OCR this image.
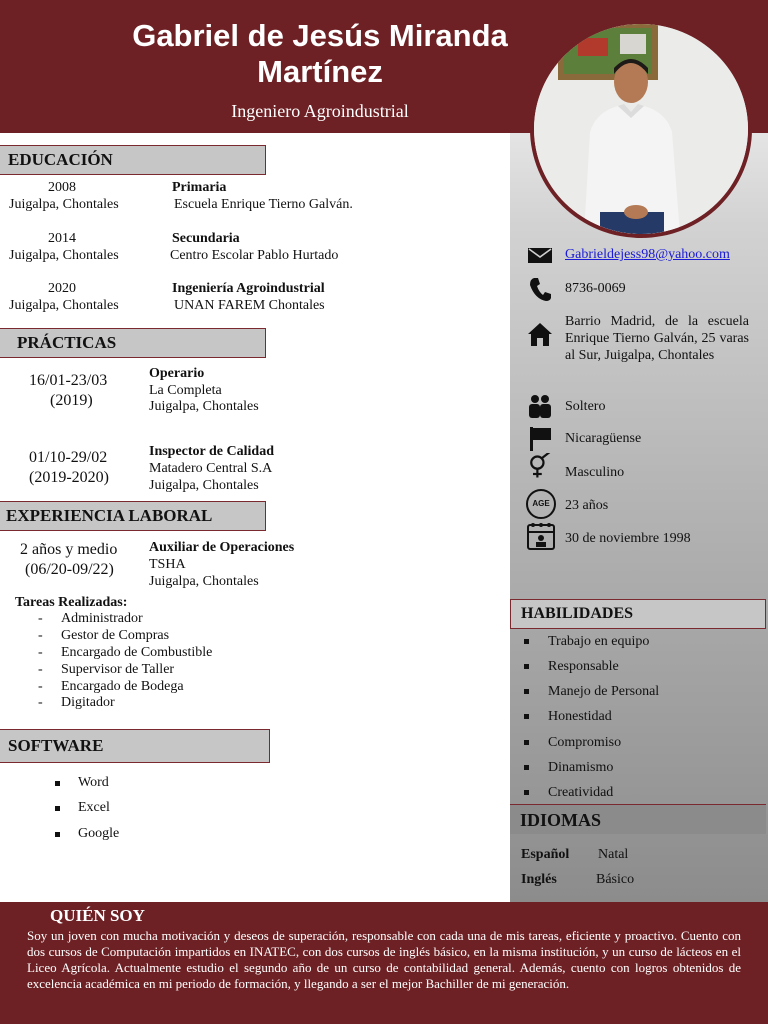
Gabriel de Jesús Miranda
Martínez
Ingeniero Agroindustrial
EDUCACIÓN
2008
Juigalpa, Chontales
Primaria
Escuela Enrique Tierno Galván.
2014
Juigalpa, Chontales
Secundaria
Centro Escolar Pablo Hurtado
2020
Juigalpa, Chontales
Ingeniería Agroindustrial
UNAN FAREM Chontales
PRÁCTICAS
16/01-23/03
(2019)
Operario
La Completa
Juigalpa, Chontales
01/10-29/02
(2019-2020)
Inspector de Calidad
Matadero Central S.A
Juigalpa, Chontales
EXPERIENCIA LABORAL
2 años y medio
(06/20-09/22)
Auxiliar de Operaciones
TSHA
Juigalpa, Chontales
Tareas Realizadas:
- Administrador
- Gestor de Compras
- Encargado de Combustible
- Supervisor de Taller
- Encargado de Bodega
- Digitador
SOFTWARE
Word
Excel
Google
Gabrieldejess98@yahoo.com
8736-0069
Barrio Madrid, de la escuela Enrique Tierno Galván, 25 varas al Sur, Juigalpa, Chontales
Soltero
Nicaragüense
Masculino
AGE	23 años
30 de noviembre 1998
HABILIDADES
Trabajo en equipo
Responsable
Manejo de Personal
Honestidad
Compromiso
Dinamismo
Creatividad
IDIOMAS
Español Natal
Inglés	Básico
QUIÉN SOY
Soy un joven con mucha motivación y deseos de superación, responsable con cada una de mis tareas, eficiente y proactivo. Cuento con dos cursos de Computación impartidos en INATEC, con dos cursos de inglés básico, en la misma institución, y un curso de lácteos en el Liceo Agrícola. Actualmente estudio el segundo año de un curso de contabilidad general. Además, cuento con logros obtenidos de excelencia académica en mi periodo de formación, y llegando a ser el mejor Bachiller de mi generación.
